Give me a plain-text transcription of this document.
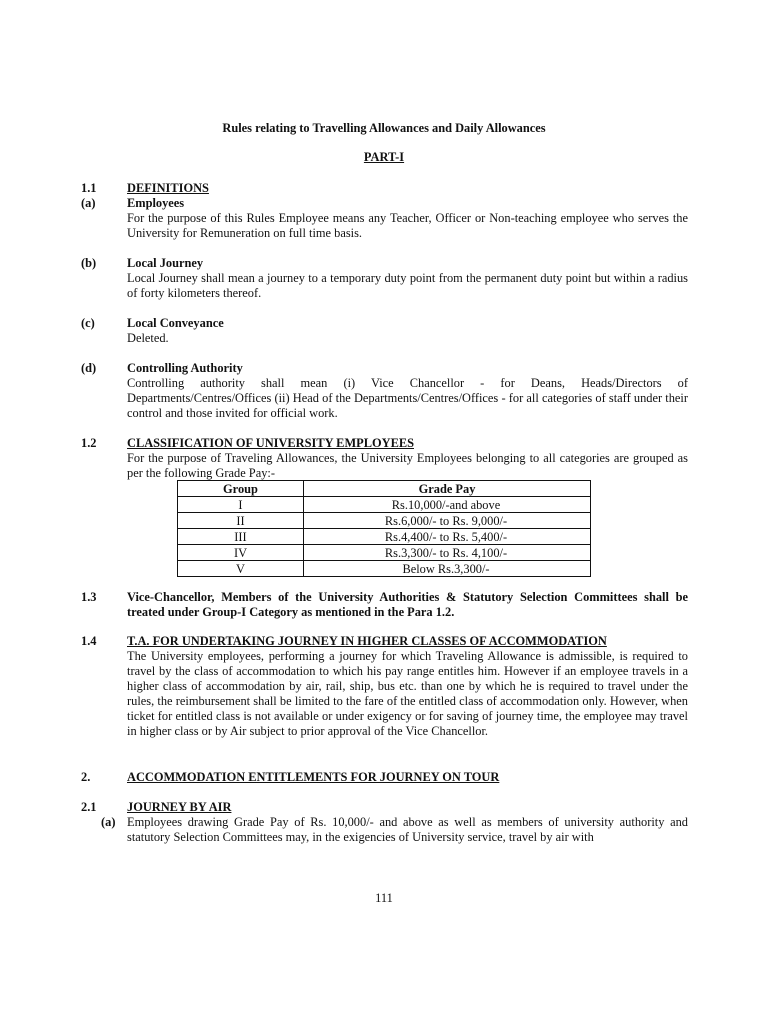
Rules relating to Travelling Allowances and Daily Allowances
PART-I
1.1 DEFINITIONS
(a)	Employees
For the purpose of this Rules Employee means any Teacher, Officer or Non-teaching employee who serves the University for Remuneration on full time basis.
(b) Local Journey
Local Journey shall mean a journey to a temporary duty point from the permanent duty point but within a radius of forty kilometers thereof.
(c)	Local Conveyance
Deleted.
(d) Controlling Authority
Controlling authority shall mean (i) Vice Chancellor - for Deans, Heads/Directors of Departments/Centres/Offices (ii) Head of the Departments/Centres/Offices - for all categories of staff under their control and those invited for official work.
1.2 CLASSIFICATION OF UNIVERSITY EMPLOYEES
For the purpose of Traveling Allowances, the University Employees belonging to all categories are grouped as per the following Grade Pay:-
Group	Grade Pay
I	Rs.10,000/-and above
II	Rs.6,000/- to Rs. 9,000/-
III	Rs.4,400/- to Rs. 5,400/-
IV	Rs.3,300/- to Rs. 4,100/-
V	Below Rs.3,300/-
1.3 Vice-Chancellor, Members of the University Authorities & Statutory Selection Committees shall be treated under Group-I Category as mentioned in the Para 1.2.
1.4 T.A. FOR UNDERTAKING JOURNEY IN HIGHER CLASSES OF ACCOMMODATION
The University employees, performing a journey for which Traveling Allowance is admissible, is required to travel by the class of accommodation to which his pay range entitles him. However if an employee travels in a higher class of accommodation by air, rail, ship, bus etc. than one by which he is required to travel under the rules, the reimbursement shall be limited to the fare of the entitled class of accommodation only. However, when ticket for entitled class is not available or under exigency or for saving of journey time, the employee may travel in higher class or by Air subject to prior approval of the Vice Chancellor.
2.	ACCOMMODATION ENTITLEMENTS FOR JOURNEY ON TOUR
2.1 JOURNEY BY AIR
(a) Employees drawing Grade Pay of Rs. 10,000/- and above as well as members of university authority and statutory Selection Committees may, in the exigencies of University service, travel by air with
111
